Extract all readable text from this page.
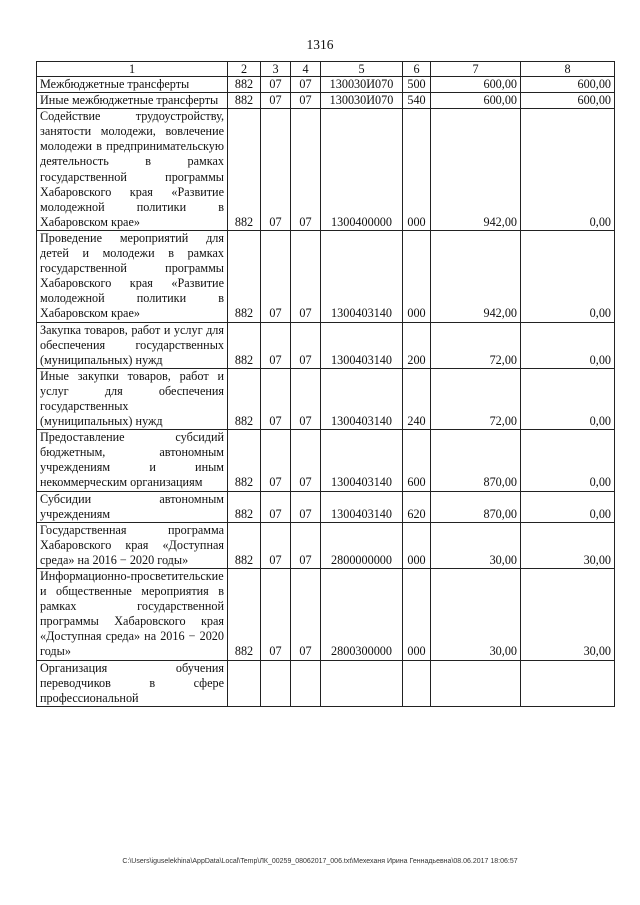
1316
1	2	3	4	5	6	7	8
Межбюджетные трансферты	882	07	07	130030И070	500	600,00	600,00
Иные межбюджетные трансферты	882	07	07	130030И070	540	600,00	600,00
Содействие трудоустройству, занятости молодежи, вовлечение молодежи в предпринимательскую деятельность в рамках государственной программы Хабаровского края «Развитие молодежной политики в Хабаровском крае»	882	07	07	1300400000	000	942,00	0,00
Проведение мероприятий для детей и молодежи в рамках государственной программы Хабаровского края «Развитие молодежной политики в Хабаровском крае»	882	07	07	1300403140	000	942,00	0,00
Закупка товаров, работ и услуг для обеспечения государственных (муниципальных) нужд	882	07	07	1300403140	200	72,00	0,00
Иные закупки товаров, работ и услуг для обеспечения государственных (муниципальных) нужд	882	07	07	1300403140	240	72,00	0,00
Предоставление субсидий бюджетным, автономным учреждениям и иным некоммерческим организациям	882	07	07	1300403140	600	870,00	0,00
Субсидии автономным учреждениям	882	07	07	1300403140	620	870,00	0,00
Государственная программа Хабаровского края «Доступная среда» на 2016 − 2020 годы»	882	07	07	2800000000	000	30,00	30,00
Информационно-просветительские и общественные мероприятия в рамках государственной программы Хабаровского края «Доступная среда» на 2016 − 2020 годы»	882	07	07	2800300000	000	30,00	30,00
Организация обучения переводчиков в сфере профессиональной							
C:\Users\iguselekhina\AppData\Local\Temp\ЛК_00259_08062017_006.txt\Мехеханя Ирина Геннадьевна\08.06.2017 18:06:57
